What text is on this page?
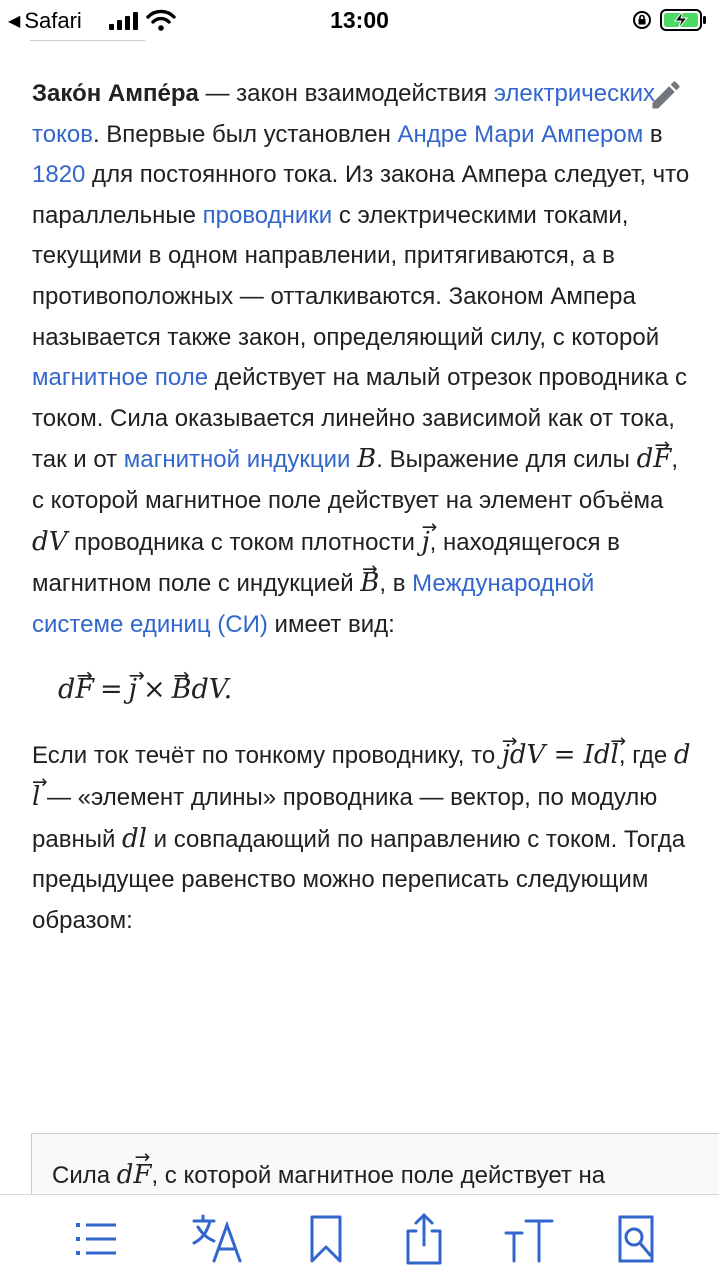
◀ Safari	13:00

Зако́н Ампе́ра — закон взаимодействия электрических токов. Впервые был установлен Андре Мари Ампером в 1820 для постоянного тока. Из закона Ампера следует, что параллельные проводники с электрическими токами, текущими в одном направлении, притягиваются, а в противоположных — отталкиваются. Законом Ампера называется также закон, определяющий силу, с которой магнитное поле действует на малый отрезок проводника с током. Сила оказывается линейно зависимой как от тока, так и от магнитной индукции B. Выражение для силы d→ F, с которой магнитное поле действует на элемент объёма dV проводника с током плотности → j, находящегося в магнитном поле с индукцией → B, в Международной системе единиц (СИ) имеет вид:

d→ F = → j × → BdV.

Если ток течёт по тонкому проводнику, то → jdV = Id→ l, где d→ l — «элемент длины» проводника — вектор, по модулю равный dl и совпадающий по направлению с током. Тогда предыдущее равенство можно переписать следующим образом:

Сила d→ F, с которой магнитное поле действует на
